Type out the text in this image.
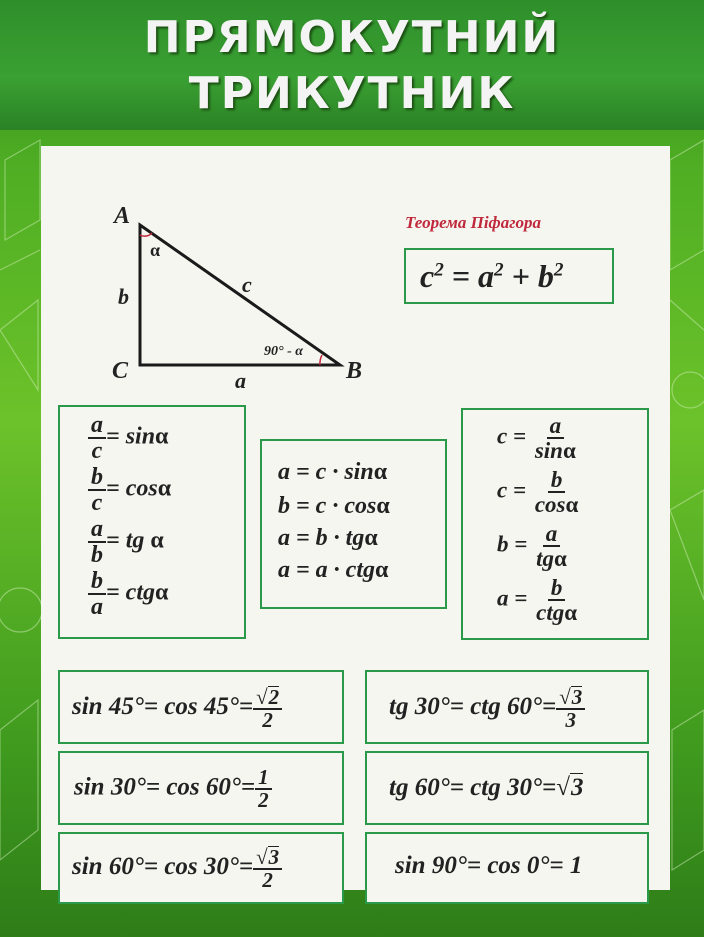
ПРЯМОКУТНИЙ
ТРИКУТНИК
A
C	B
α
b	c
a
90° - α
Теорема Піфагора
$c^2 = a^2 + b^2$
$\frac{a}{c} = \sin\alpha$
$\frac{b}{c} = \cos\alpha$
$\frac{a}{b}$ = tg α
$\frac{b}{a} = ctg\alpha$
a = c · sinα
b = c · cosα
a = b · tgα
a = a · ctgα
$c = \frac{a}{\sin\alpha}$
$c = \frac{b}{\cos\alpha}$
$b = \frac{a}{\text{tgα}}$
$a = \frac{b}{\text{ctgα}}$
$\sin 45^\circ= \cos 45^\circ= \frac{√2}{2}$	tg 30°= ctg $60^\circ= \frac{√3}{3}$
$\sin 30^\circ= \cos 60^\circ= \frac{1}{2}$	tg 60°= ctg 30°=√3
$\sin 60^\circ= \cos 30^\circ= \frac{√3}{2}$	sin 90°= cos 0°= 1
